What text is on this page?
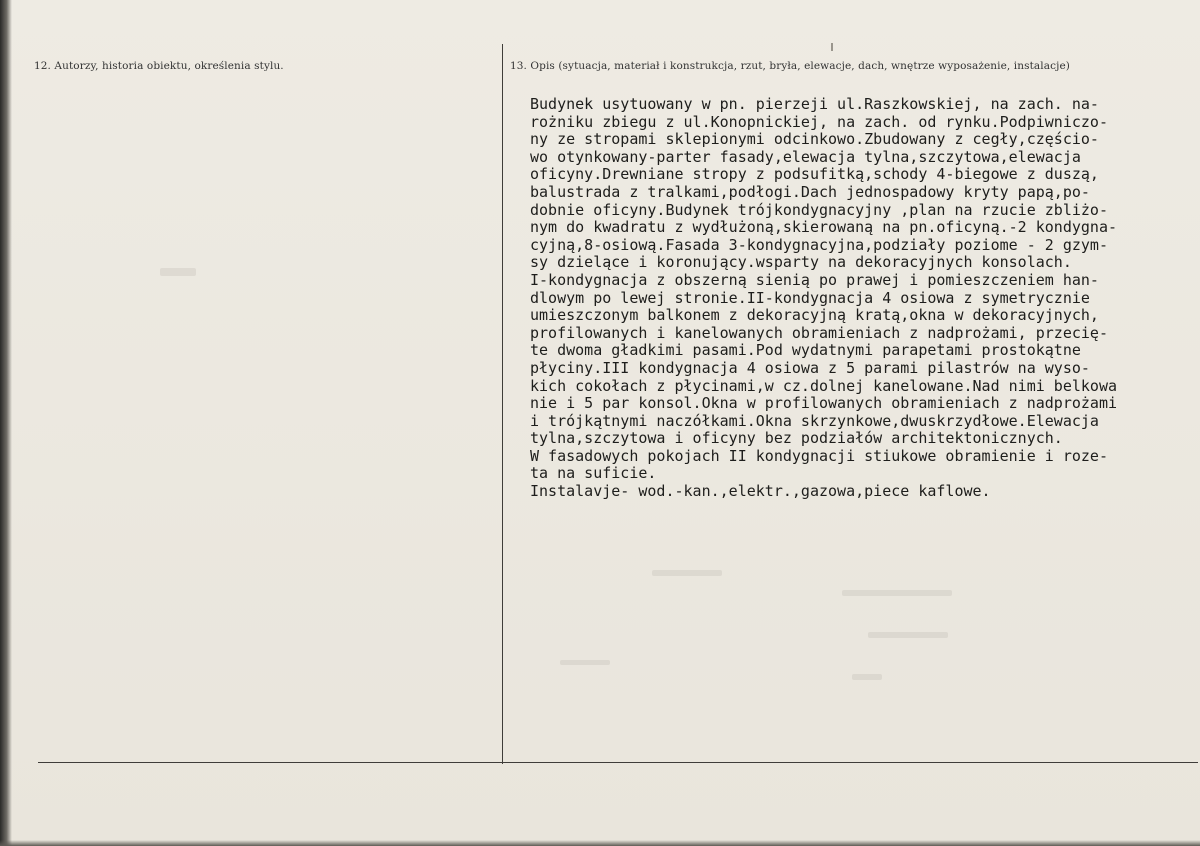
12. Autorzy, historia obiektu, określenia stylu.	13. Opis (sytuacja, materiał i konstrukcja, rzut, bryła, elewacje, dach, wnętrze wyposażenie, instalacje)
Budynek usytuowany w pn. pierzeji ul.Raszkowskiej, na zach. na-
rożniku zbiegu z ul.Konopnickiej, na zach. od rynku.Podpiwniczo-
ny ze stropami sklepionymi odcinkowo.Zbudowany z cegły,częścio-
wo otynkowany-parter fasady,elewacja tylna,szczytowa,elewacja
oficyny.Drewniane stropy z podsufitką,schody 4-biegowe z duszą,
balustrada z tralkami,podłogi.Dach jednospadowy kryty papą,po-
dobnie oficyny.Budynek trójkondygnacyjny ,plan na rzucie zbliżo-
nym do kwadratu z wydłużoną,skierowaną na pn.oficyną.-2 kondygna-
cyjną,8-osiową.Fasada 3-kondygnacyjna,podziały poziome - 2 gzym-
sy dzielące i koronujący.wsparty na dekoracyjnych konsolach.
I-kondygnacja z obszerną sienią po prawej i pomieszczeniem han-
dlowym po lewej stronie.II-kondygnacja 4 osiowa z symetrycznie
umieszczonym balkonem z dekoracyjną kratą,okna w dekoracyjnych,
profilowanych i kanelowanych obramieniach z nadprożami, przecię-
te dwoma gładkimi pasami.Pod wydatnymi parapetami prostokątne
płyciny.III kondygnacja 4 osiowa z 5 parami pilastrów na wyso-
kich cokołach z płycinami,w cz.dolnej kanelowane.Nad nimi belkowa
nie i 5 par konsol.Okna w profilowanych obramieniach z nadprożami
i trójkątnymi naczółkami.Okna skrzynkowe,dwuskrzydłowe.Elewacja
tylna,szczytowa i oficyny bez podziałów architektonicznych.
W fasadowych pokojach II kondygnacji stiukowe obramienie i roze-
ta na suficie.
Instalavje- wod.-kan.,elektr.,gazowa,piece kaflowe.
